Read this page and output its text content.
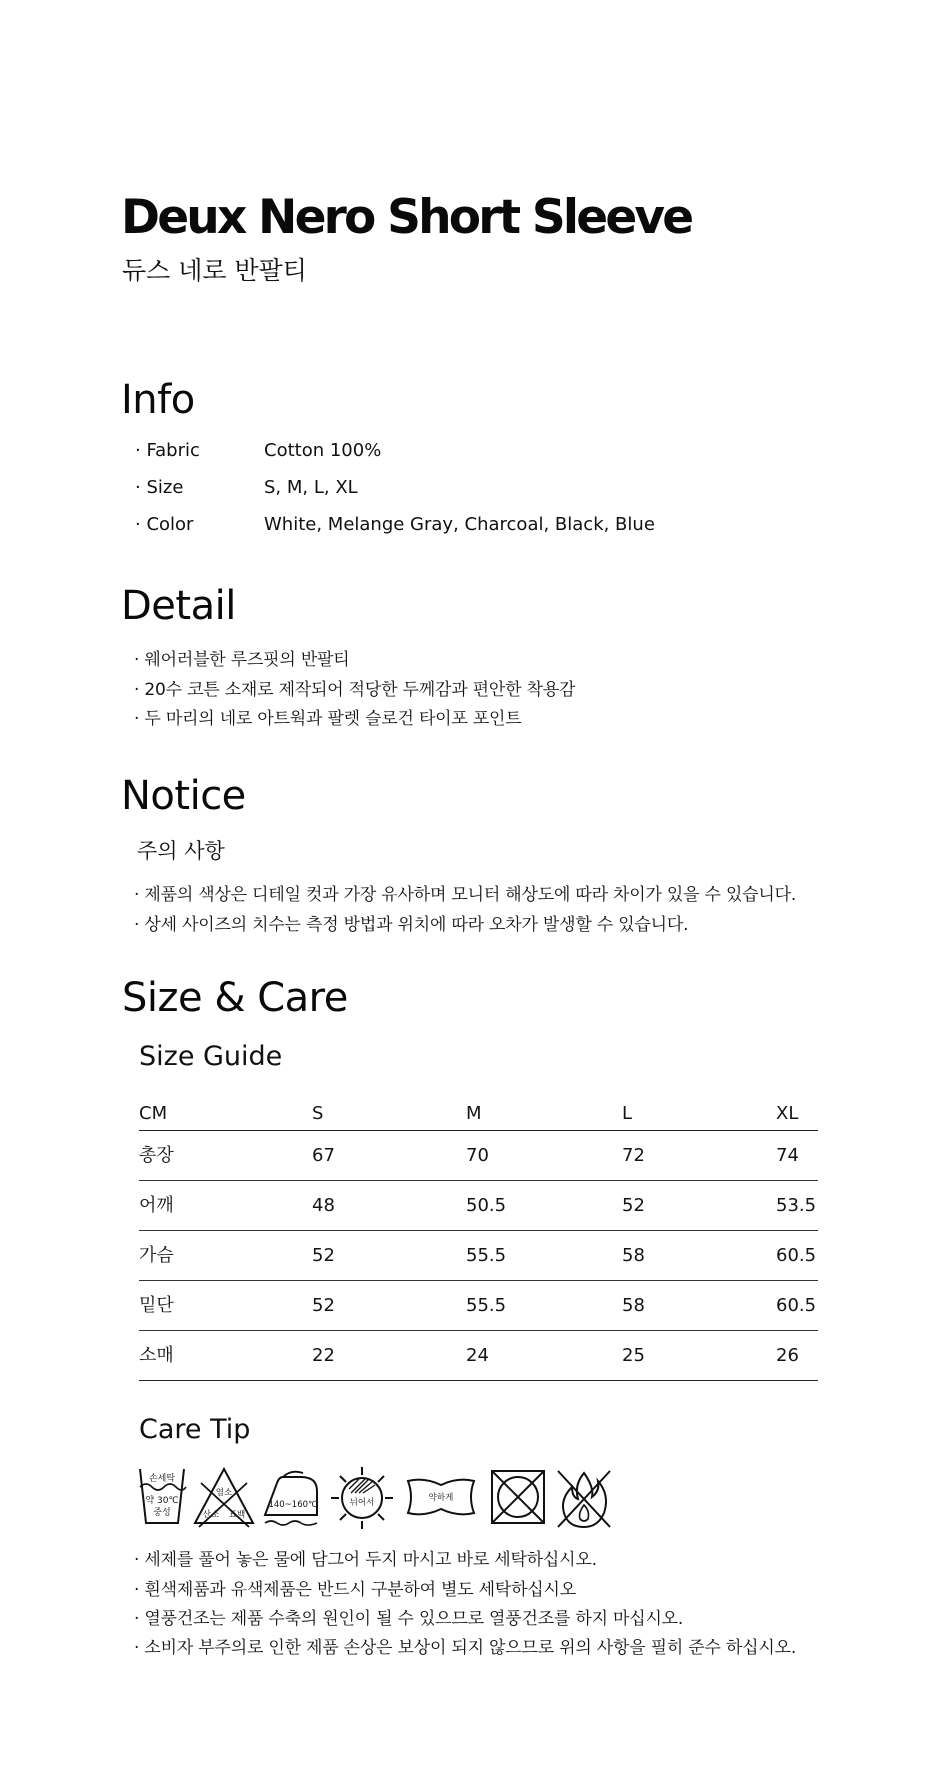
Deux Nero Short Sleeve
듀스 네로 반팔티
Info
· Fabric	Cotton 100%
· Size	S, M, L, XL
· Color	White, Melange Gray, Charcoal, Black, Blue
Detail
· 웨어러블한 루즈핏의 반팔티
· 20수 코튼 소재로 제작되어 적당한 두께감과 편안한 착용감
· 두 마리의 네로 아트웍과 팔렛 슬로건 타이포 포인트
Notice
주의 사항
· 제품의 색상은 디테일 컷과 가장 유사하며 모니터 해상도에 따라 차이가 있을 수 있습니다.
· 상세 사이즈의 치수는 측정 방법과 위치에 따라 오차가 발생할 수 있습니다.
Size & Care
Size Guide
CM	S	M	L	XL
총장	67	70	72	74
어깨	48	50.5	52	53.5
가슴	52	55.5	58	60.5
밑단	52	55.5	58	60.5
소매	22	24	25	26
Care Tip
손세탁
약 30℃
중성
염소
산소 표백
140~160℃	뉘어서	약하게
· 세제를 풀어 놓은 물에 담그어 두지 마시고 바로 세탁하십시오.
· 흰색제품과 유색제품은 반드시 구분하여 별도 세탁하십시오
· 열풍건조는 제품 수축의 원인이 될 수 있으므로 열풍건조를 하지 마십시오.
· 소비자 부주의로 인한 제품 손상은 보상이 되지 않으므로 위의 사항을 필히 준수 하십시오.
